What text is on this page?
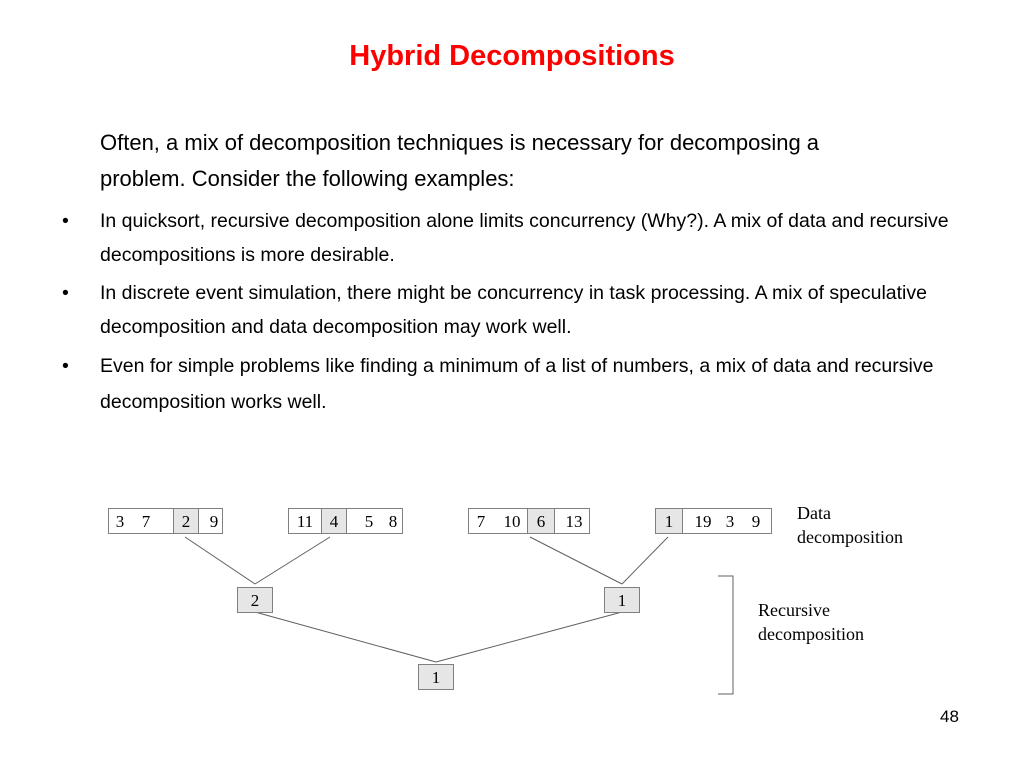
Hybrid Decompositions
Often, a mix of decomposition techniques is necessary for decomposing a problem. Consider the following examples:
• In quicksort, recursive decomposition alone limits concurrency (Why?). A mix of data and recursive decompositions is more desirable.
• In discrete event simulation, there might be concurrency in task processing. A mix of speculative decomposition and data decomposition may work well.
• Even for simple problems like finding a minimum of a list of numbers, a mix of data and recursive decomposition works well.
3 7	2	9	11 4	5 8	7 10 6	13	1	19 3 9
2	1
1
Data
decomposition
Recursive
decomposition
48
